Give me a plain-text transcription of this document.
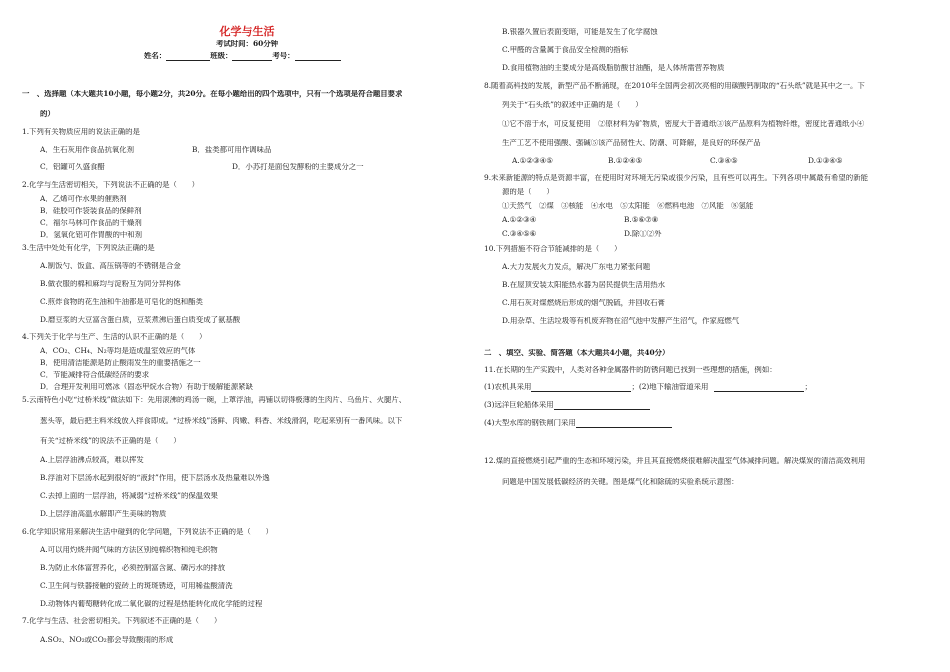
化学与生活
考试时间：60分钟
姓名：	班级：	考号：
一　、选择题（本大题共10小题，每小题2分，共20分。在每小题给出的四个选项中，只有一个选项是符合题目要求
的）
1.下列有关物质应用的说法正确的是
A．生石灰用作食品抗氧化剂	B．盐类都可用作调味品
C．铝罐可久盛食醋	D．小苏打是面包发酵粉的主要成分之一
2.化学与生活密切相关，下列说法不正确的是（　　）
A．乙烯可作水果的催熟剂
B．硅胶可作袋装食品的保鲜剂
C．福尔马林可作食品的干燥剂
D．氢氧化铝可作胃酸的中和剂
3.生活中处处有化学，下列说法正确的是
A.制饭勺、饭盒、高压锅等的不锈钢是合金
B.做衣服的棉和麻均与淀粉互为同分异构体
C.煎炸食物的花生油和牛油都是可皂化的饱和酯类
D.磨豆浆的大豆富含蛋白质，豆浆煮沸后蛋白质变成了氨基酸
4.下列关于化学与生产、生活的认识不正确的是（　　）
A．CO₂、CH₄、N₂等均是造成温室效应的气体
B．使用清洁能源是防止酸雨发生的重要措施之一
C．节能减排符合低碳经济的要求
D．合理开发利用可燃冰（固态甲烷水合物）有助于缓解能源紧缺
5.云南特色小吃“过桥米线”做法如下：先用滚沸的鸡汤一碗，上罩浮油，再铺以切得极薄的生肉片、乌鱼片、火腿片、
葱头等，最后把主料米线放入拌食即成。“过桥米线”汤鲜、肉嫩、料香、米线滑润，吃起来别有一番风味。以下
有关“过桥米线”的说法不正确的是（　　）
A.上层浮油沸点较高，难以挥发
B.浮油对下层汤水起到很好的“液封”作用，使下层汤水及热量难以外逸
C.去掉上面的一层浮油，将减弱“过桥米线”的保温效果
D.上层浮油高温水解即产生美味的物质
6.化学知识常用来解决生活中碰到的化学问题，下列说法不正确的是（　　）
A.可以用灼烧并闻气味的方法区别纯棉织物和纯毛织物
B.为防止水体富营养化，必须控制富含氮、磷污水的排放
C.卫生间与铁器接触的瓷砖上的斑斑锈迹，可用稀盐酸清洗
D.动物体内葡萄糖转化成二氧化碳的过程是热能转化成化学能的过程
7.化学与生活、社会密切相关。下列叙述不正确的是（　　）
A.SO₂、NO₂或CO₂都会导致酸雨的形成
B.银器久置后表面变暗，可能是发生了化学腐蚀
C.甲醛的含量属于食品安全检测的指标
D.食用植物油的主要成分是高级脂肪酸甘油酯，是人体所需营养物质
8.随着高科技的发展，新型产品不断涌现，在2010年全国两会初次亮相的用碳酸钙制取的“石头纸”就是其中之一。下
列关于“石头纸”的叙述中正确的是（　　）
①它不溶于水，可反复使用　②原材料为矿物质，密度大于普通纸③该产品原料为植物纤维，密度比普通纸小④
生产工艺不使用强酸、强碱⑤该产品韧性大、防潮、可降解，是良好的环保产品
A.①②③④⑤	B.①②④⑤	C.③④⑤	D.①③④⑤
9.未来新能源的特点是资源丰富，在使用时对环境无污染或很少污染，且有些可以再生。下列各项中属最有希望的新能
源的是（　　）
①天然气　②煤　③核能　④水电　⑤太阳能　⑥燃料电池　⑦风能　⑧氢能
A.①②③④	B.⑤⑥⑦⑧
C.③④⑤⑥	D.除①②外
10.下列措施不符合节能减排的是（　　）
A.大力发展火力发点，解决广东电力紧张问题
B.在屋顶安装太阳能热水器为居民提供生活用热水
C.用石灰对煤燃烧后形成的烟气脱硫，并回收石膏
D.用杂草、生活垃圾等有机废弃物在沼气池中发酵产生沼气，作家庭燃气
二　、填空、实验、简答题（本大题共4小题，共40分）
11.在长期的生产实践中，人类对各种金属器件的防锈问题已找到一些理想的措施，例如：
(1)农机具采用	；(2)地下输油管道采用	；
(3)远洋巨轮船体采用
(4)大型水库的钢铁闸门采用
12.煤的直接燃烧引起严重的生态和环境污染，并且其直接燃烧很难解决温室气体减排问题。解决煤炭的清洁高效利用
问题是中国发展低碳经济的关键。图是煤气化和除硫的实验系统示意图：
